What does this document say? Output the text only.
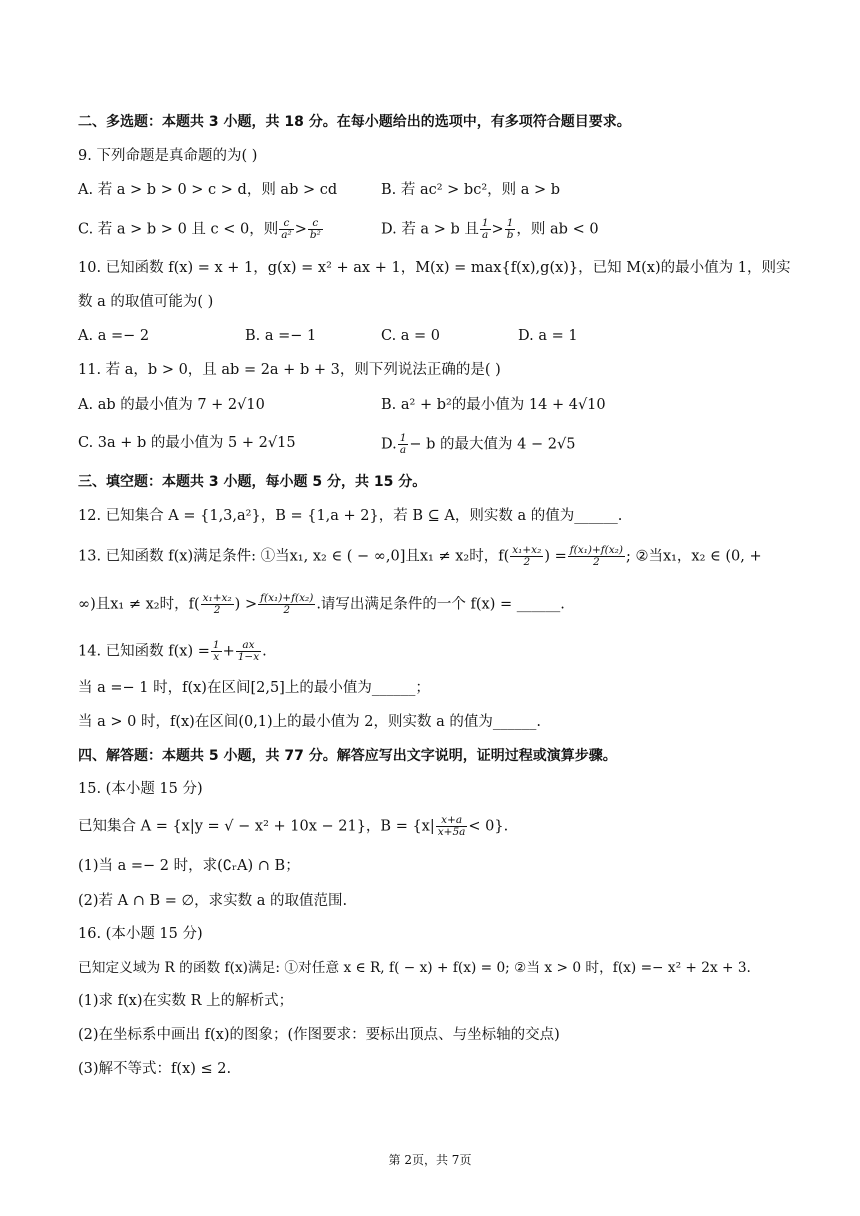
二、多选题：本题共 3 小题，共 18 分。在每小题给出的选项中，有多项符合题目要求。
9. 下列命题是真命题的为( )
A. 若 a > b > 0 > c > d，则 ab > cd	B. 若 ac² > bc²，则 a > b
C. 若 a > b > 0 且 c < 0，则 $\frac{c}{\text{a²}} > \frac{c}{\text{b²}}$	D. 若 a > b 且 $\frac{1}{a} > \frac{1}{b}$ ，则 ab < 0
10. 已知函数 f(x) = x + 1，g(x) = x² + ax + 1，M(x) = max{f(x),g(x)}，已知 M(x)的最小值为 1，则实
数 a 的取值可能为( )
A. a =− 2	B. a =− 1	C. a = 0	D. a = 1
11. 若 a，b > 0，且 ab = 2a + b + 3，则下列说法正确的是( )
A. ab 的最小值为 7 + 2√10	B. a² + b²的最小值为 14 + 4√10
C. 3a + b 的最小值为 5 + 2√15	D. $\frac{1}{a} - b$ 的最大值为 4 − 2√5
三、填空题：本题共 3 小题，每小题 5 分，共 15 分。
12. 已知集合 A = {1,3,a²}，B = {1,a + 2}，若 B ⊆ A，则实数 a 的值为______.
13. 已知函数 f(x)满足条件: ①当x₁, x₂ ∈ ( − ∞,0]且x₁ ≠ x₂时，$f( \frac{\text{x₁+x₂}}{2}$ ) = $\frac{\text{f(x₁)+f(x₂)}}{2}$ ; ②当x₁，x₂ ∈ (0, +
∞)且x₁ ≠ x₂时，$f( \frac{\text{x₁+x₂}}{2}$ ) > $\frac{\text{f(x₁)+f(x₂)}}{2}$ .请写出满足条件的一个 f(x) = ______.
14. 已知函数 $f(x) = \frac{1}{x} + \frac{ax}{1-x}$ .
当 a =− 1 时，f(x)在区间[2,5]上的最小值为______；
当 a > 0 时，f(x)在区间(0,1)上的最小值为 2，则实数 a 的值为______.
四、解答题：本题共 5 小题，共 77 分。解答应写出文字说明，证明过程或演算步骤。
15. (本小题 15 分)
已知集合 A = {x|y = √ − x² + 10x − 21}，$B = \{x| \frac{x+a}{x+5a} < 0\}$.
(1)当 a =− 2 时，求(∁ᵣA) ∩ B；
(2)若 A ∩ B = ∅，求实数 a 的取值范围.
16. (本小题 15 分)
已知定义域为 R 的函数 f(x)满足: ①对任意 x ∈ R, f( − x) + f(x) = 0; ②当 x > 0 时，f(x) =− x² + 2x + 3.
(1)求 f(x)在实数 R 上的解析式；
(2)在坐标系中画出 f(x)的图象；(作图要求：要标出顶点、与坐标轴的交点)
(3)解不等式：f(x) ≤ 2.
第 2页，共 7页
